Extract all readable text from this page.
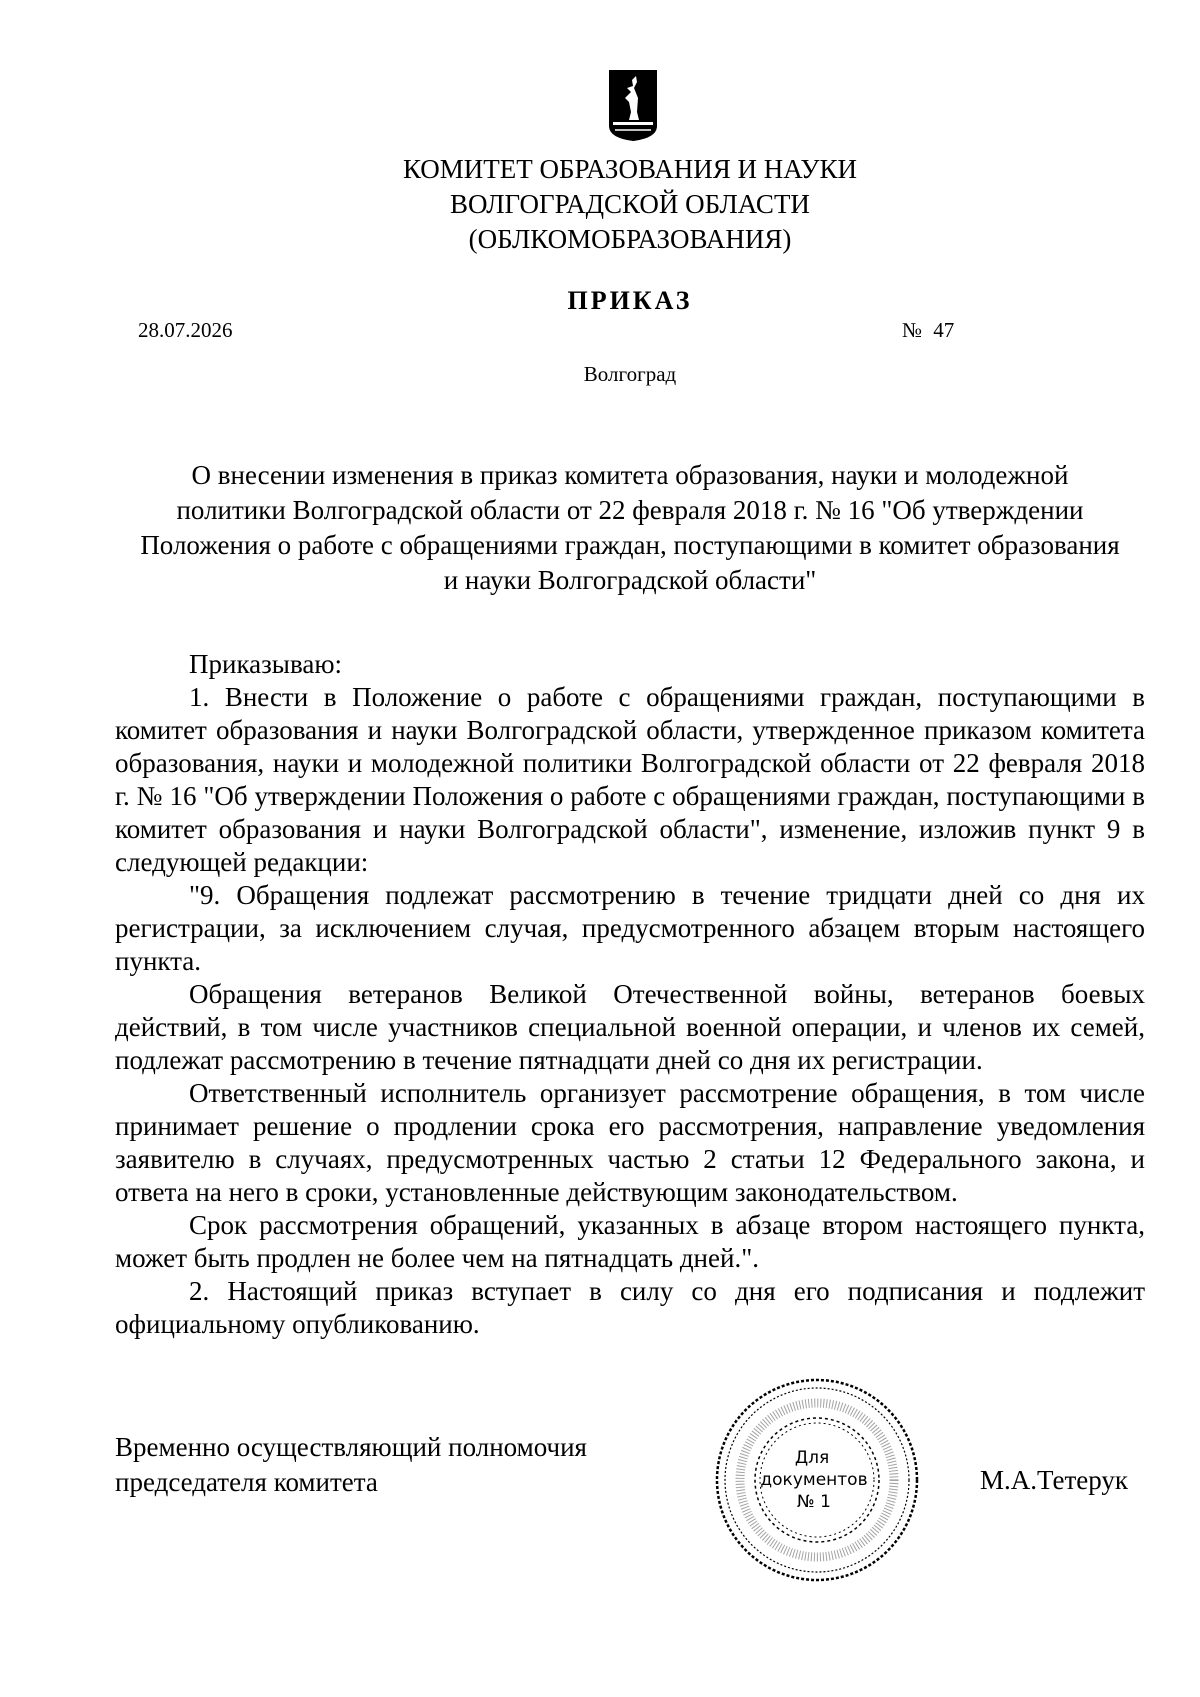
КОМИТЕТ ОБРАЗОВАНИЯ И НАУКИ
ВОЛГОГРАДСКОЙ ОБЛАСТИ
(ОБЛКОМОБРАЗОВАНИЯ)
ПРИКАЗ
28.07.2026	№ 47
Волгоград
О внесении изменения в приказ комитета образования, науки и молодежной
политики Волгоградской области от 22 февраля 2018 г. № 16 "Об утверждении
Положения о работе с обращениями граждан, поступающими в комитет образования
и науки Волгоградской области"

Приказываю:

1. Внести в Положение о работе с обращениями граждан, поступающими в комитет образования и науки Волгоградской области, утвержденное приказом комитета образования, науки и молодежной политики Волгоградской области от 22 февраля 2018 г. № 16 "Об утверждении Положения о работе с обращениями граждан, поступающими в комитет образования и науки Волгоградской области", изменение, изложив пункт 9 в следующей редакции:

"9. Обращения подлежат рассмотрению в течение тридцати дней со дня их регистрации, за исключением случая, предусмотренного абзацем вторым настоящего пункта.

Обращения ветеранов Великой Отечественной войны, ветеранов боевых действий, в том числе участников специальной военной операции, и членов их семей, подлежат рассмотрению в течение пятнадцати дней со дня их регистрации.

Ответственный исполнитель организует рассмотрение обращения, в том числе принимает решение о продлении срока его рассмотрения, направление уведомления заявителю в случаях, предусмотренных частью 2 статьи 12 Федерального закона, и ответа на него в сроки, установленные действующим законодательством.

Срок рассмотрения обращений, указанных в абзаце втором настоящего пункта, может быть продлен не более чем на пятнадцать дней.".

2. Настоящий приказ вступает в силу со дня его подписания и подлежит официальному опубликованию.

Временно осуществляющий полномочия
председателя комитета
Для
документов
№ 1
М.А.Тетерук
